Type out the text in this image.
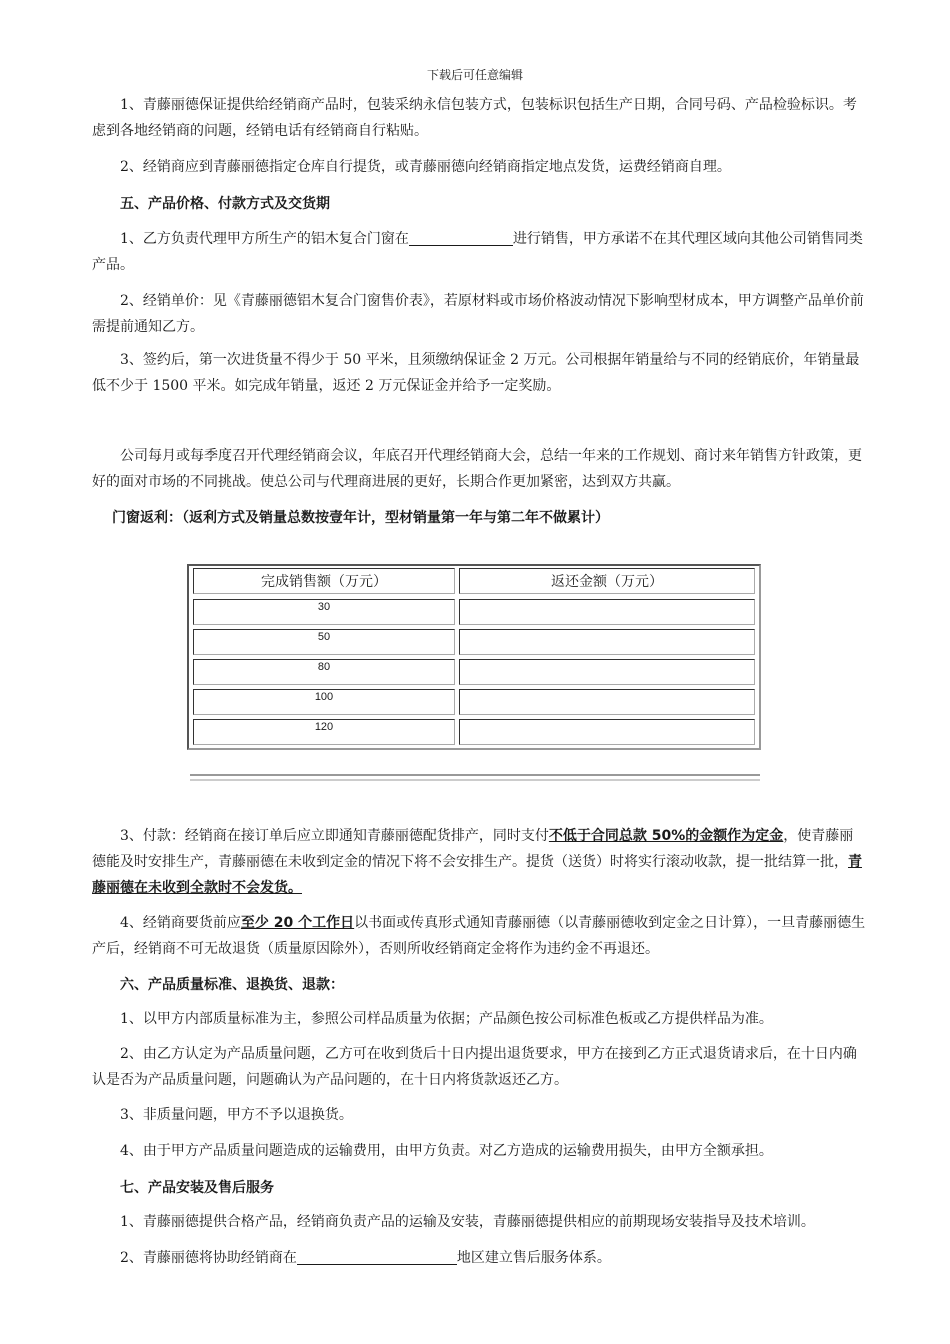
下载后可任意编辑

1、青藤丽德保证提供给经销商产品时，包装采纳永信包装方式，包装标识包括生产日期，合同号码、产品检验标识。考虑到各地经销商的问题，经销电话有经销商自行粘贴。

2、经销商应到青藤丽德指定仓库自行提货，或青藤丽德向经销商指定地点发货，运费经销商自理。

五、产品价格、付款方式及交货期

1、乙方负责代理甲方所生产的铝木复合门窗在	进行销售，甲方承诺不在其代理区域向其他公司销售同类产品。

2、经销单价：见《青藤丽德铝木复合门窗售价表》，若原材料或市场价格波动情况下影响型材成本，甲方调整产品单价前需提前通知乙方。

3、签约后，第一次进货量不得少于 50 平米，且须缴纳保证金 2 万元。公司根据年销量给与不同的经销底价，年销量最低不少于 1500 平米。如完成年销量，返还 2 万元保证金并给予一定奖励。

公司每月或每季度召开代理经销商会议，年底召开代理经销商大会，总结一年来的工作规划、商讨来年销售方针政策，更好的面对市场的不同挑战。使总公司与代理商进展的更好，长期合作更加紧密，达到双方共赢。

门窗返利：（返利方式及销量总数按壹年计，型材销量第一年与第二年不做累计）

完成销售额（万元）	返还金额（万元）
30
50
80
100
120

3、付款：经销商在接订单后应立即通知青藤丽德配货排产，同时支付不低于合同总款 50%的金额作为定金，使青藤丽德能及时安排生产，青藤丽德在未收到定金的情况下将不会安排生产。提货（送货）时将实行滚动收款，提一批结算一批，青藤丽德在未收到全款时不会发货。

4、经销商要货前应至少 20 个工作日以书面或传真形式通知青藤丽德（以青藤丽德收到定金之日计算），一旦青藤丽德生产后，经销商不可无故退货（质量原因除外），否则所收经销商定金将作为违约金不再退还。

六、产品质量标准、退换货、退款：

1、以甲方内部质量标准为主，参照公司样品质量为依据；产品颜色按公司标准色板或乙方提供样品为准。

2、由乙方认定为产品质量问题，乙方可在收到货后十日内提出退货要求，甲方在接到乙方正式退货请求后，在十日内确认是否为产品质量问题，问题确认为产品问题的，在十日内将货款返还乙方。

3、非质量问题，甲方不予以退换货。

4、由于甲方产品质量问题造成的运输费用，由甲方负责。对乙方造成的运输费用损失，由甲方全额承担。

七、产品安装及售后服务

1、青藤丽德提供合格产品，经销商负责产品的运输及安装，青藤丽德提供相应的前期现场安装指导及技术培训。

2、青藤丽德将协助经销商在	地区建立售后服务体系。
